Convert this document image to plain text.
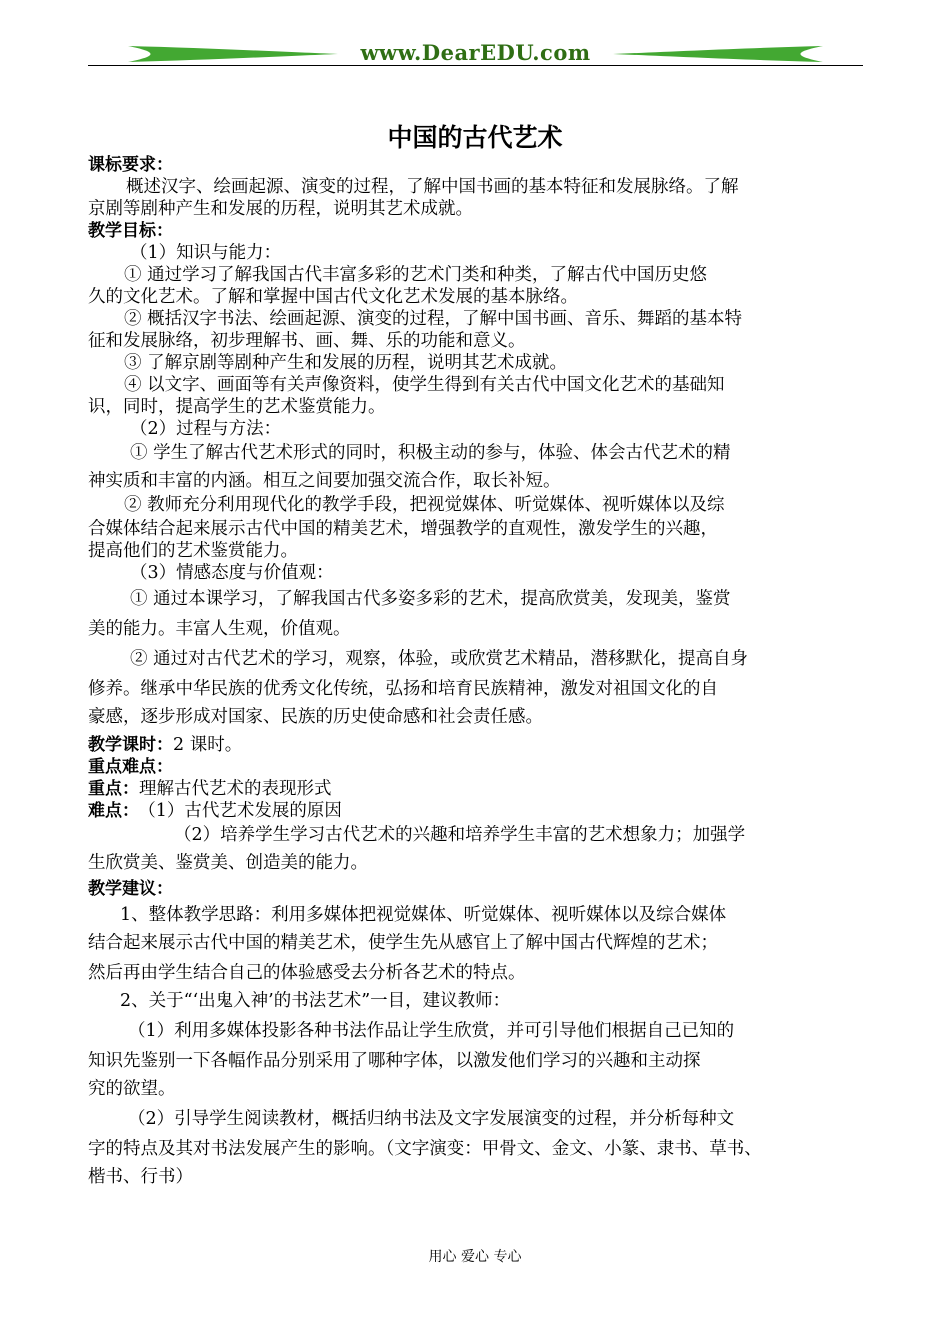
www.DearEDU.com
中国的古代艺术
课标要求：
概述汉字、绘画起源、演变的过程，了解中国书画的基本特征和发展脉络。了解
京剧等剧种产生和发展的历程，说明其艺术成就。
教学目标：
（1）知识与能力：
① 通过学习了解我国古代丰富多彩的艺术门类和种类，了解古代中国历史悠
久的文化艺术。了解和掌握中国古代文化艺术发展的基本脉络。
② 概括汉字书法、绘画起源、演变的过程，了解中国书画、音乐、舞蹈的基本特
征和发展脉络，初步理解书、画、舞、乐的功能和意义。
③ 了解京剧等剧种产生和发展的历程，说明其艺术成就。
④ 以文字、画面等有关声像资料，使学生得到有关古代中国文化艺术的基础知
识，同时，提高学生的艺术鉴赏能力。
（2）过程与方法：
① 学生了解古代艺术形式的同时，积极主动的参与，体验、体会古代艺术的精
神实质和丰富的内涵。相互之间要加强交流合作，取长补短。
② 教师充分利用现代化的教学手段，把视觉媒体、听觉媒体、视听媒体以及综
合媒体结合起来展示古代中国的精美艺术，增强教学的直观性，激发学生的兴趣，
提高他们的艺术鉴赏能力。
（3）情感态度与价值观：
① 通过本课学习，了解我国古代多姿多彩的艺术，提高欣赏美，发现美，鉴赏
美的能力。丰富人生观，价值观。
② 通过对古代艺术的学习，观察，体验，或欣赏艺术精品，潜移默化，提高自身
修养。继承中华民族的优秀文化传统，弘扬和培育民族精神，激发对祖国文化的自
豪感，逐步形成对国家、民族的历史使命感和社会责任感。
教学课时：2 课时。
重点难点：
重点：理解古代艺术的表现形式
难点： （1）古代艺术发展的原因
（2）培养学生学习古代艺术的兴趣和培养学生丰富的艺术想象力；加强学
生欣赏美、鉴赏美、创造美的能力。
教学建议：
1、整体教学思路：利用多媒体把视觉媒体、听觉媒体、视听媒体以及综合媒体
结合起来展示古代中国的精美艺术，使学生先从感官上了解中国古代辉煌的艺术；
然后再由学生结合自己的体验感受去分析各艺术的特点。
2、关于“‘出鬼入神’的书法艺术”一目，建议教师：
（1）利用多媒体投影各种书法作品让学生欣赏，并可引导他们根据自己已知的
知识先鉴别一下各幅作品分别采用了哪种字体，以激发他们学习的兴趣和主动探
究的欲望。
（2）引导学生阅读教材，概括归纳书法及文字发展演变的过程，并分析每种文
字的特点及其对书法发展产生的影响。（文字演变：甲骨文、金文、小篆、隶书、草书、
楷书、行书）
用心 爱心 专心
